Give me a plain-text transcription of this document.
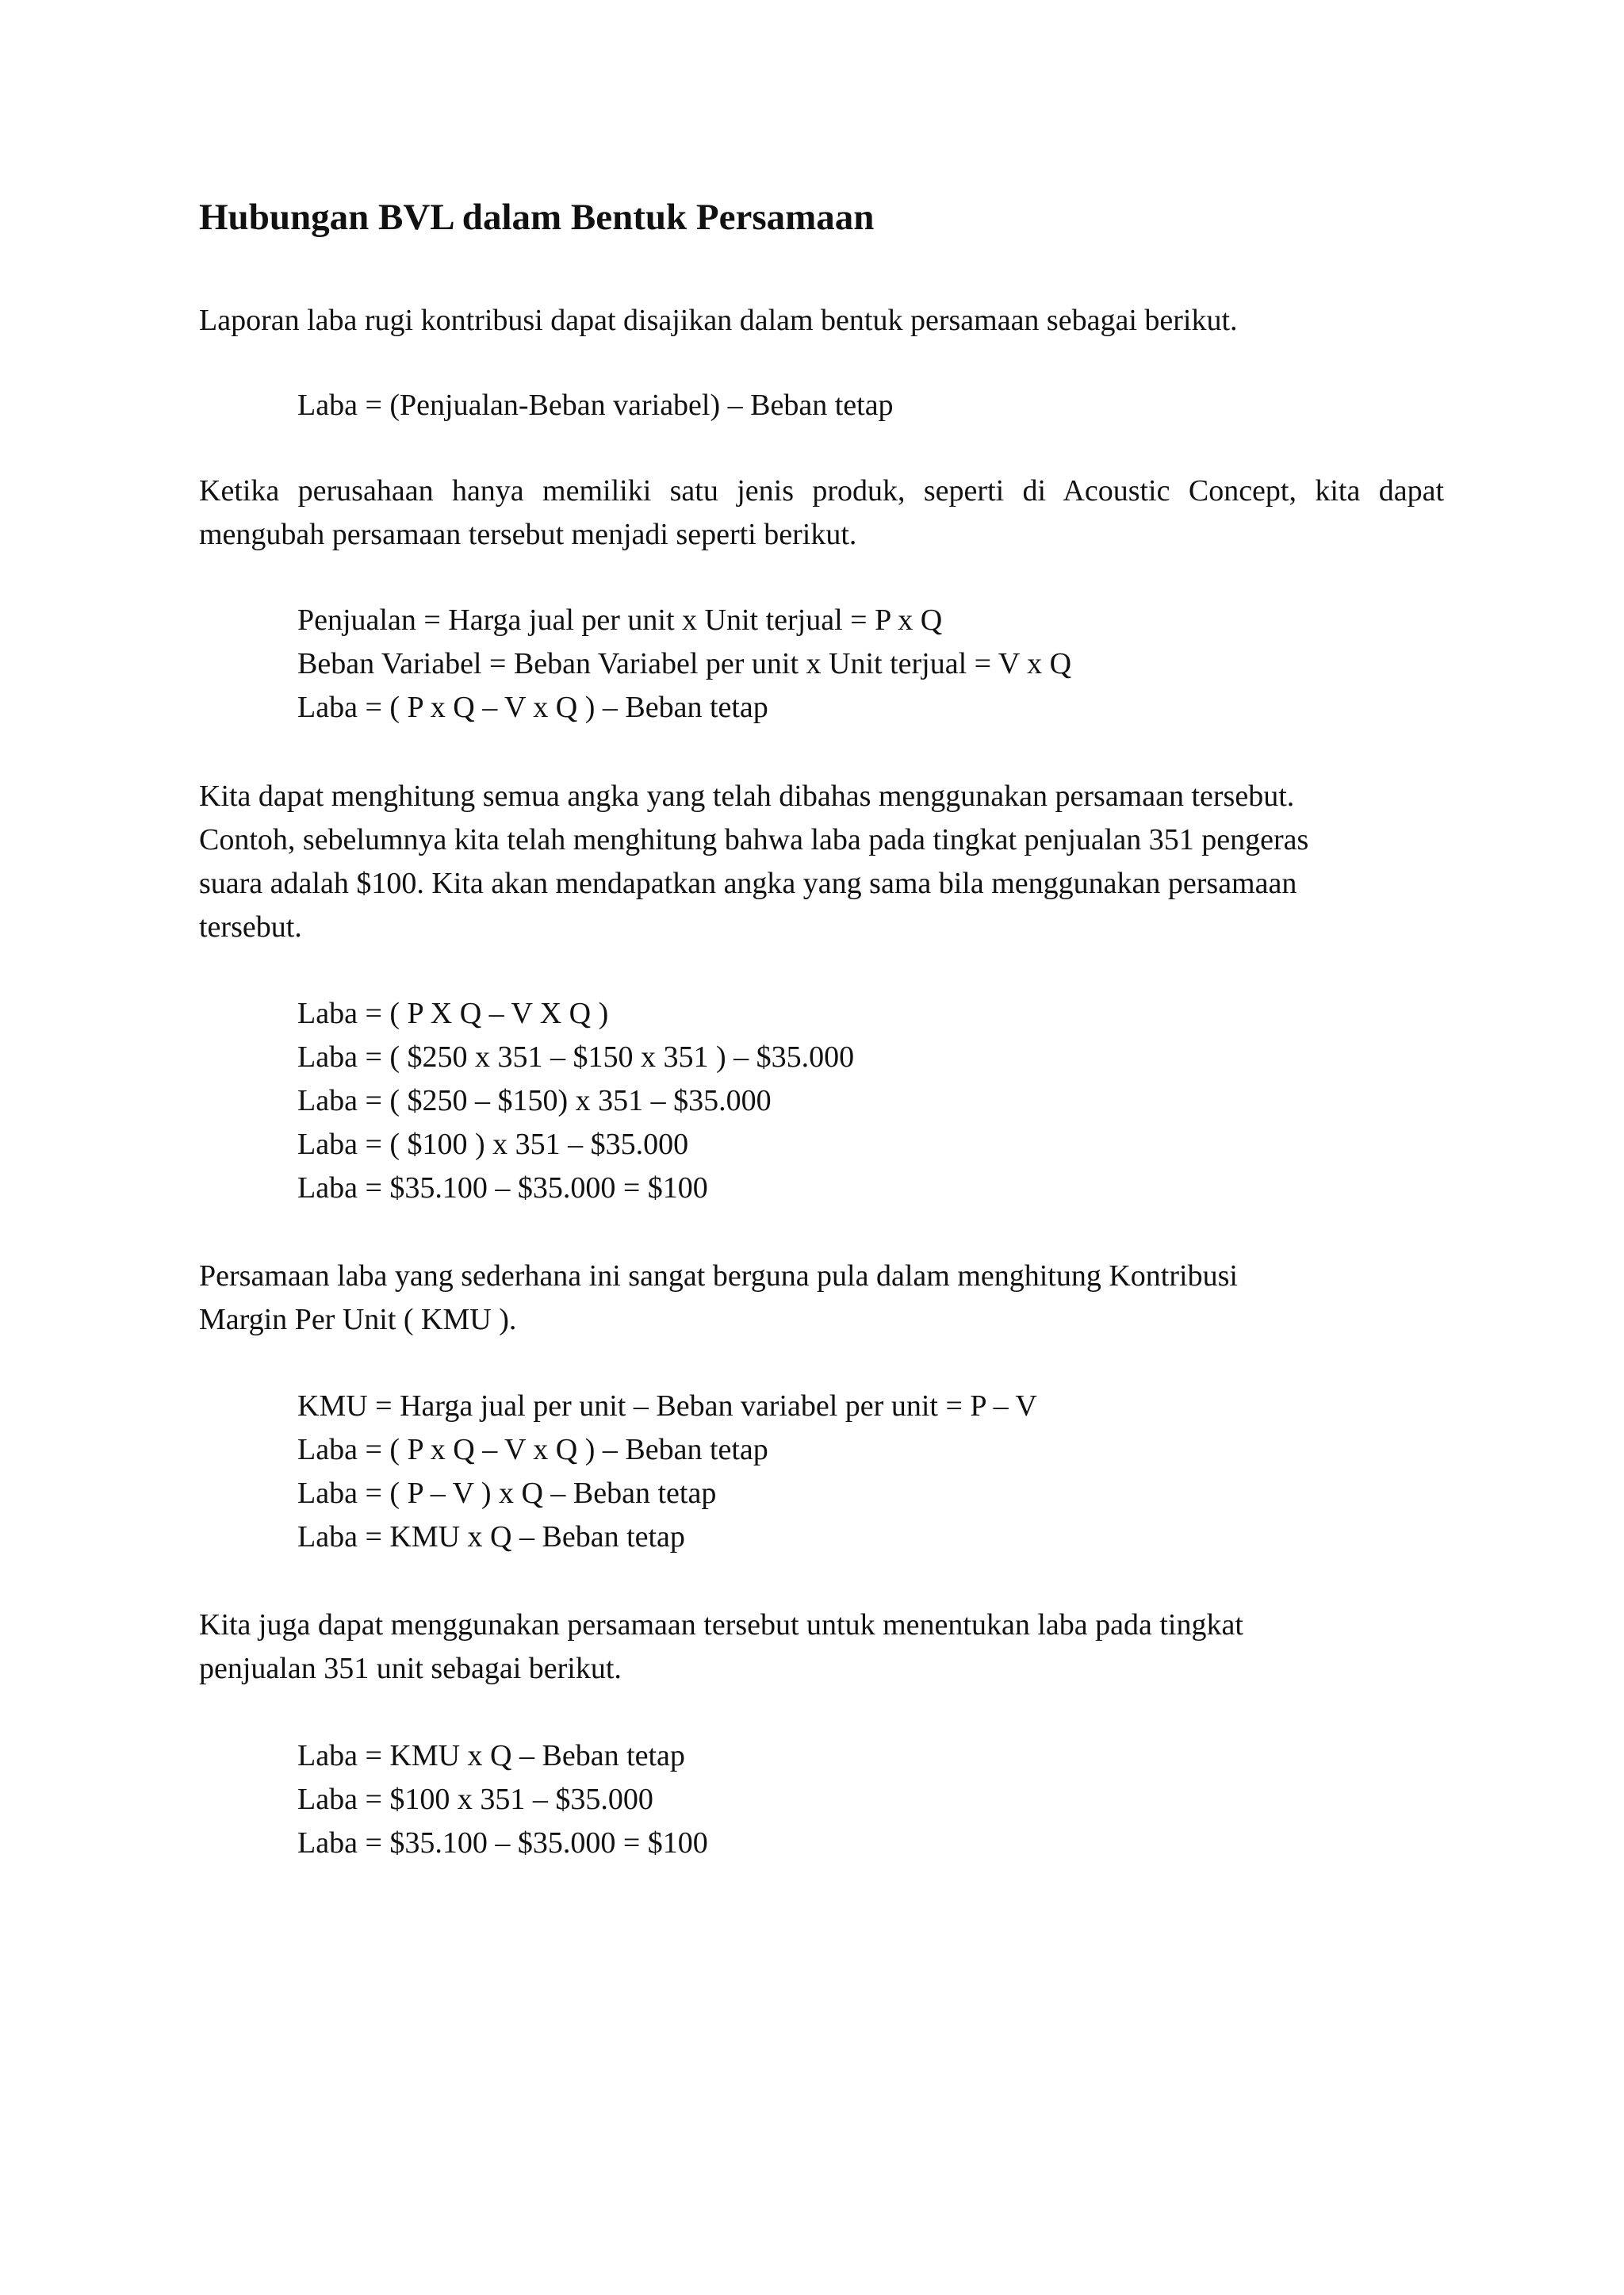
Hubungan BVL dalam Bentuk Persamaan

Laporan laba rugi kontribusi dapat disajikan dalam bentuk persamaan sebagai berikut.

Laba = (Penjualan-Beban variabel) – Beban tetap

Ketika perusahaan hanya memiliki satu jenis produk, seperti di Acoustic Concept, kita dapat
mengubah persamaan tersebut menjadi seperti berikut.

Penjualan = Harga jual per unit x Unit terjual = P x Q
Beban Variabel = Beban Variabel per unit x Unit terjual = V x Q
Laba = ( P x Q – V x Q ) – Beban tetap

Kita dapat menghitung semua angka yang telah dibahas menggunakan persamaan tersebut.
Contoh, sebelumnya kita telah menghitung bahwa laba pada tingkat penjualan 351 pengeras
suara adalah $100. Kita akan mendapatkan angka yang sama bila menggunakan persamaan
tersebut.

Laba = ( P X Q – V X Q )
Laba = ( $250 x 351 – $150 x 351 ) – $35.000
Laba = ( $250 – $150) x 351 – $35.000
Laba = ( $100 ) x 351 – $35.000
Laba = $35.100 – $35.000 = $100

Persamaan laba yang sederhana ini sangat berguna pula dalam menghitung Kontribusi
Margin Per Unit ( KMU ).

KMU = Harga jual per unit – Beban variabel per unit = P – V
Laba = ( P x Q – V x Q ) – Beban tetap
Laba = ( P – V ) x Q – Beban tetap
Laba = KMU x Q – Beban tetap

Kita juga dapat menggunakan persamaan tersebut untuk menentukan laba pada tingkat
penjualan 351 unit sebagai berikut.

Laba = KMU x Q – Beban tetap
Laba = $100 x 351 – $35.000
Laba = $35.100 – $35.000 = $100
